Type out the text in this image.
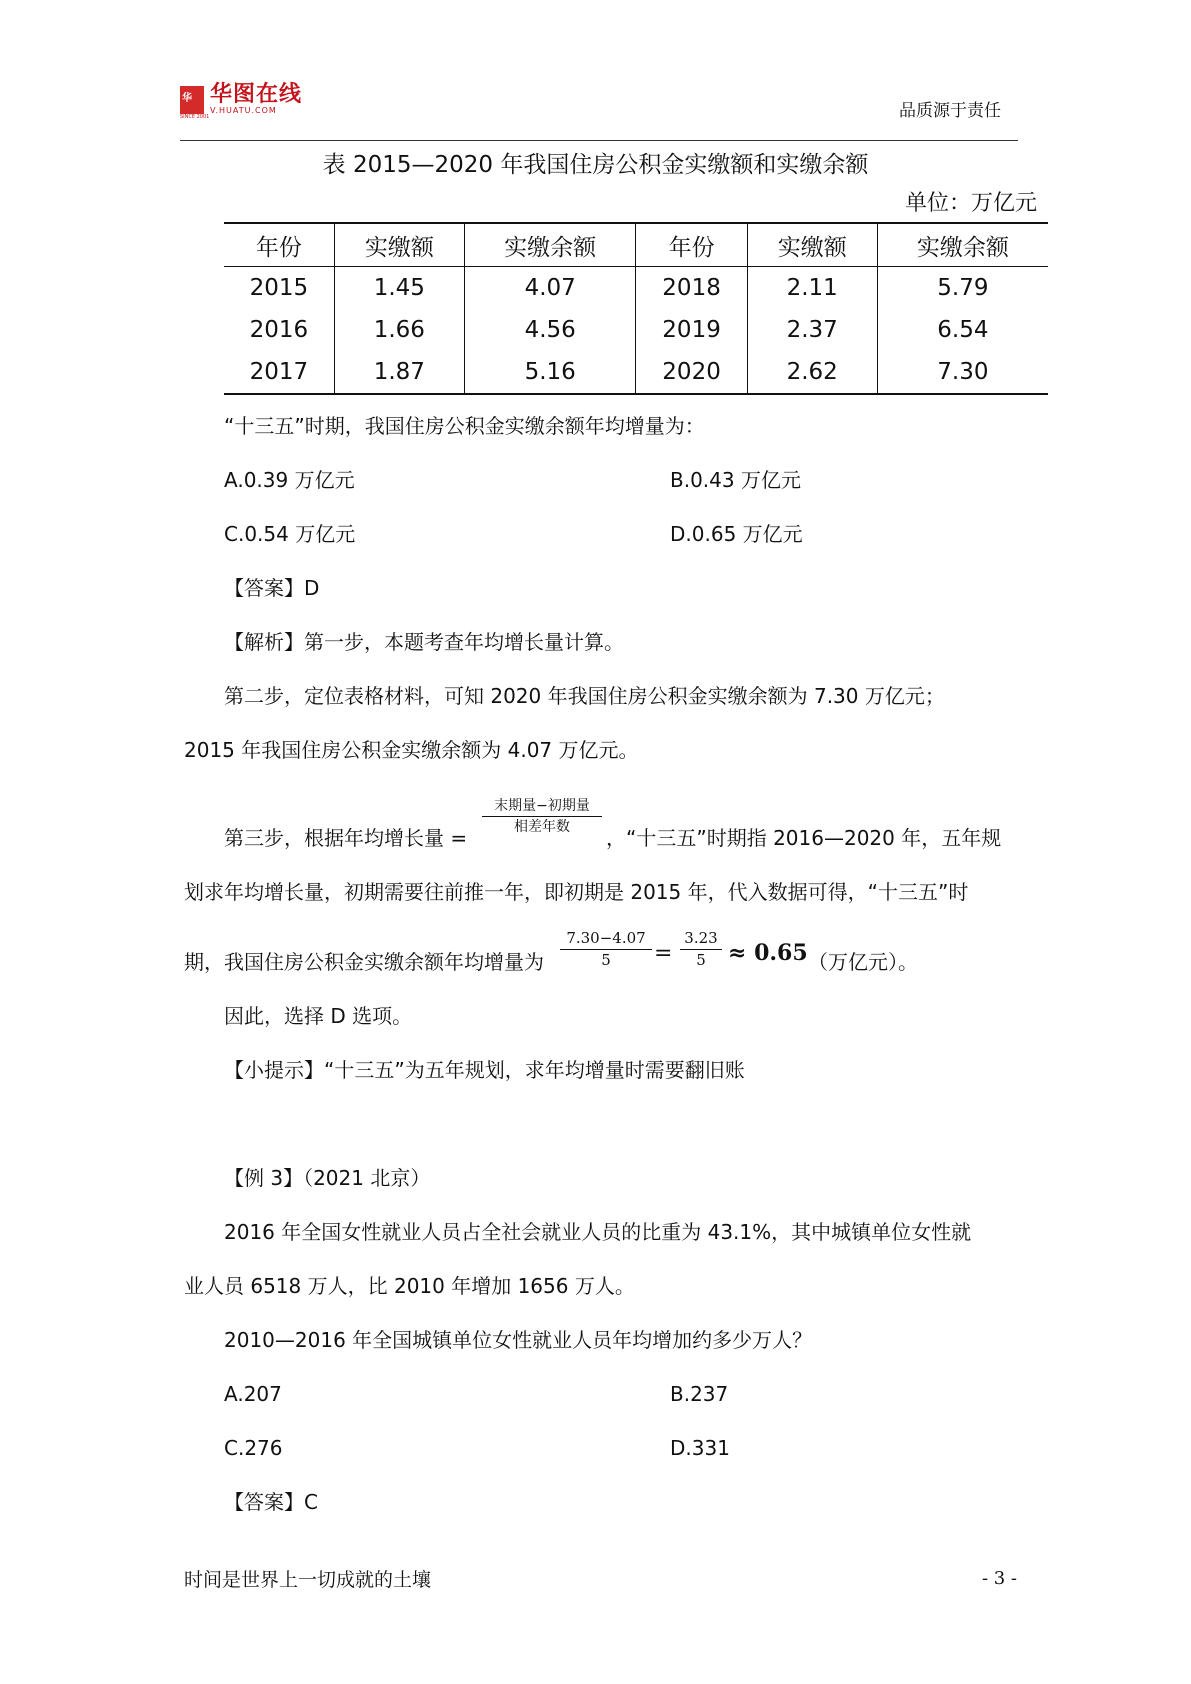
华 华图在线
V.HUATU.COM
SINCE 2001	品质源于责任
表 2015—2020 年我国住房公积金实缴额和实缴余额
单位：万亿元
年份	实缴额	实缴余额	年份	实缴额	实缴余额
2015	1.45	4.07	2018	2.11	5.79
2016	1.66	4.56	2019	2.37	6.54
2017	1.87	5.16	2020	2.62	7.30
“十三五”时期，我国住房公积金实缴余额年均增量为：
A.0.39 万亿元	B.0.43 万亿元
C.0.54 万亿元	D.0.65 万亿元
【答案】D
【解析】第一步，本题考查年均增长量计算。
第二步，定位表格材料，可知 2020 年我国住房公积金实缴余额为 7.30 万亿元；
2015 年我国住房公积金实缴余额为 4.07 万亿元。
第三步，根据年均增长量 =
末期量−初期量
相差年数	，“十三五”时期指 2016—2020 年，五年规
划求年均增长量，初期需要往前推一年，即初期是 2015 年，代入数据可得，“十三五”时
期，我国住房公积金实缴余额年均增量为 $\frac{7.30-4.07}{5} = \frac{3.23}{5} \approx 0.65$ （万亿元）。
因此，选择 D 选项。
【小提示】“十三五”为五年规划，求年均增量时需要翻旧账
【例 3】（2021 北京）
2016 年全国女性就业人员占全社会就业人员的比重为 43.1%，其中城镇单位女性就
业人员 6518 万人，比 2010 年增加 1656 万人。
2010—2016 年全国城镇单位女性就业人员年均增加约多少万人？
A.207	B.237
C.276	D.331
【答案】C
时间是世界上一切成就的土壤	- 3 -
